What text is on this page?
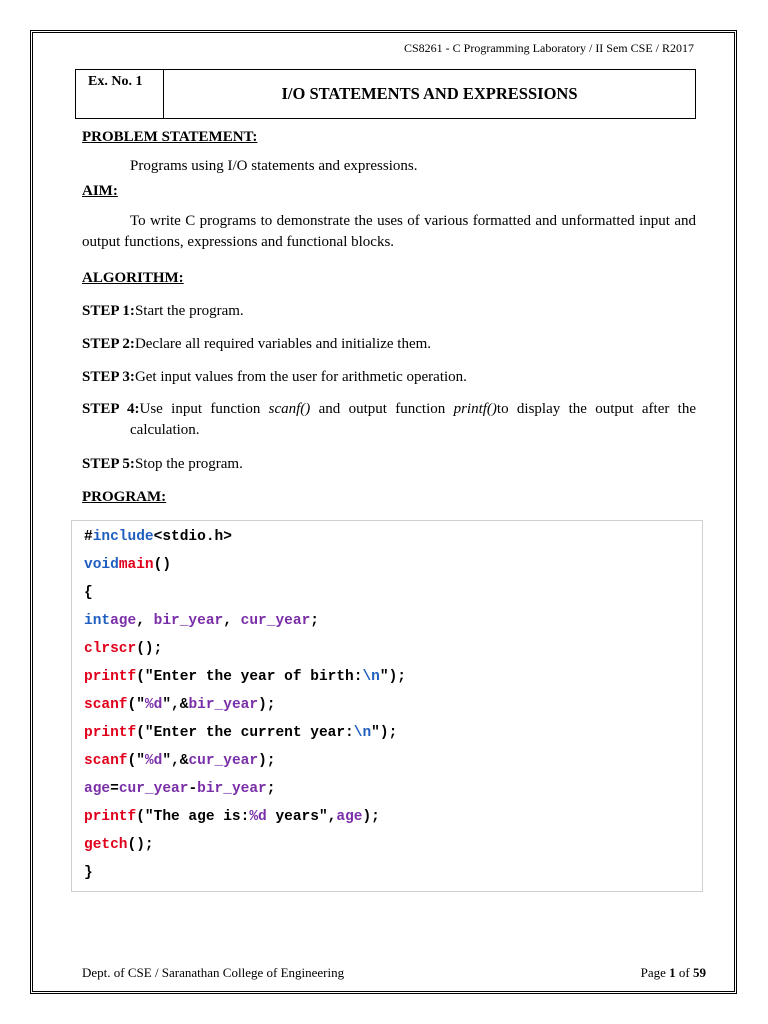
CS8261 - C Programming Laboratory / II Sem CSE / R2017
Ex. No. 1
I/O STATEMENTS AND EXPRESSIONS
PROBLEM STATEMENT:
Programs using I/O statements and expressions.
AIM:
To write C programs to demonstrate the uses of various formatted and unformatted input and output functions, expressions and functional blocks.
ALGORITHM:
STEP 1:Start the program.
STEP 2:Declare all required variables and initialize them.
STEP 3:Get input values from the user for arithmetic operation.
STEP 4:Use input function scanf() and output function printf()to display the output after the calculation.
STEP 5:Stop the program.
PROGRAM:
#include<stdio.h>
voidmain()
{
intage, bir_year, cur_year;
clrscr();
printf("Enter the year of birth:\n");
scanf("%d",&bir_year);
printf("Enter the current year:\n");
scanf("%d",&cur_year);
age=cur_year-bir_year;
printf("The age is:%d years",age);
getch();
}
Dept. of CSE / Saranathan College of Engineering	Page 1 of 59
